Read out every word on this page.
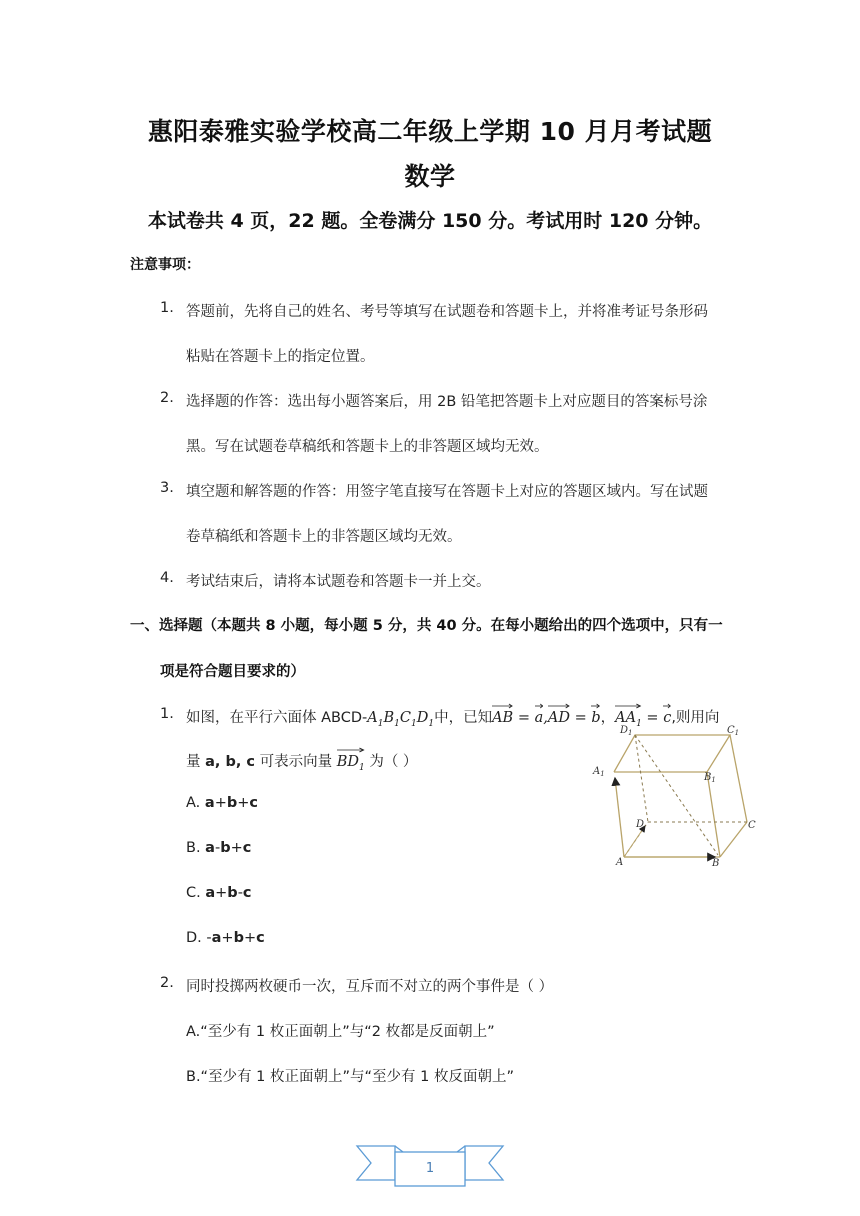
惠阳泰雅实验学校高二年级上学期 10 月月考试题
数学
本试卷共 4 页，22 题。全卷满分 150 分。考试用时 120 分钟。
注意事项：
1. 答题前，先将自己的姓名、考号等填写在试题卷和答题卡上，并将准考证号条形码
粘贴在答题卡上的指定位置。
2. 选择题的作答：选出每小题答案后，用 2B 铅笔把答题卡上对应题目的答案标号涂
黑。写在试题卷草稿纸和答题卡上的非答题区域均无效。
3. 填空题和解答题的作答：用签字笔直接写在答题卡上对应的答题区域内。写在试题
卷草稿纸和答题卡上的非答题区域均无效。
4. 考试结束后，请将本试题卷和答题卡一并上交。
一、选择题（本题共 8 小题，每小题 5 分，共 40 分。在每小题给出的四个选项中，只有一
项是符合题目要求的）
1. 如图，在平行六面体 ABCD-$A_1B_1C_1D_1$中，已知
AB =
a,
AD =
b，
$AA_1$ =
c,则用向
量 a, b, c 可表示向量
$BD_1$ 为（ ）
A. a+b+c
B. a-b+c
C. a+b-c
D. -a+b+c
$D_1$	$C_1$
$A_1$	$B_1$
D	C
A	B
2. 同时投掷两枚硬币一次，互斥而不对立的两个事件是（ ）
A.“至少有 1 枚正面朝上”与“2 枚都是反面朝上”
B.“至少有 1 枚正面朝上”与“至少有 1 枚反面朝上”
1
